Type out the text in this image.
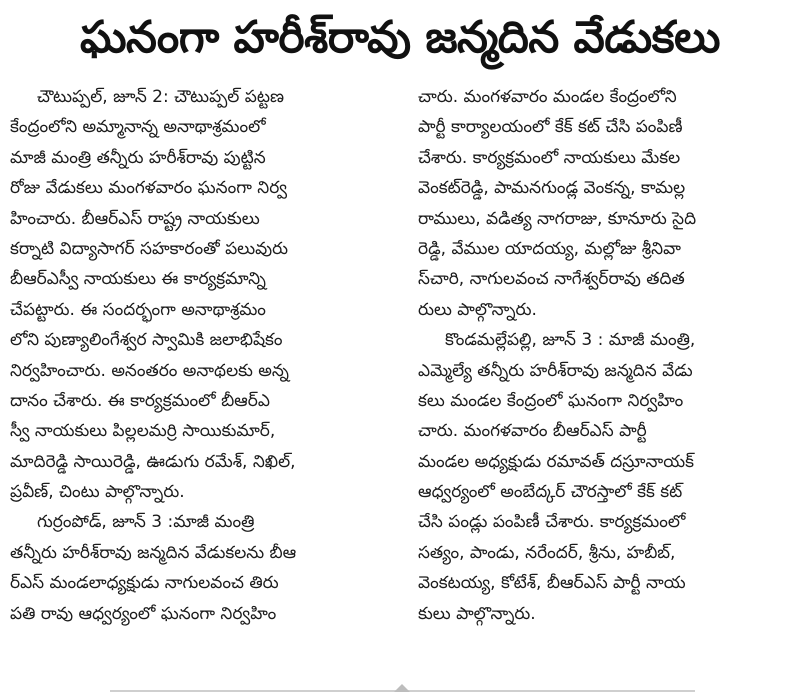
ఘనంగా హరీశ్‌రావు జన్మదిన వేడుకలు
చౌటుప్పల్, జూన్ 2: చౌటుప్పల్ పట్టణ
కేంద్రంలోని అమ్మానాన్న అనాథాశ్రమంలో
మాజీ మంత్రి తన్నీరు హరీశ్‌రావు పుట్టిన
రోజు వేడుకలు మంగళవారం ఘనంగా నిర్వ
హించారు. బీఆర్ఎస్ రాష్ట్ర నాయకులు
కర్నాటి విద్యాసాగర్ సహకారంతో పలువురు
బీఆర్ఎస్వీ నాయకులు ఈ కార్యక్రమాన్ని
చేపట్టారు. ఈ సందర్భంగా అనాథాశ్రమం
లోని పుణ్యాలింగేశ్వర స్వామికి జలాభిషేకం
నిర్వహించారు. అనంతరం అనాథలకు అన్న
దానం చేశారు. ఈ కార్యక్రమంలో బీఆర్ఎ
స్వీ నాయకులు పిల్లలమర్రి సాయికుమార్,
మాదిరెడ్డి సాయిరెడ్డి, ఊడుగు రమేశ్, నిఖిల్,
ప్రవీణ్, చింటు పాల్గొన్నారు.
గుర్రంపోడ్, జూన్ 3 :మాజీ మంత్రి
తన్నీరు హరీశ్‌రావు జన్మదిన వేడుకలను బీఆ
ర్ఎస్ మండలాధ్యక్షుడు నాగులవంచ తిరు
పతి రావు ఆధ్వర్యంలో ఘనంగా నిర్వహిం
చారు. మంగళవారం మండల కేంద్రంలోని
పార్టీ కార్యాలయంలో కేక్ కట్ చేసి పంపిణీ
చేశారు. కార్యక్రమంలో నాయకులు మేకల
వెంకట్‌రెడ్డి, పామనగుండ్ల వెంకన్న, కామల్ల
రాములు, వడిత్య నాగరాజు, కూనూరు సైది
రెడ్డి, వేముల యాదయ్య, మల్లోజు శ్రీనివా
స్‌చారి, నాగులవంచ నాగేశ్వర్‌రావు తదిత
రులు పాల్గొన్నారు.
కొండమల్లేపల్లి, జూన్ 3 : మాజీ మంత్రి,
ఎమ్మెల్యే తన్నీరు హరీశ్‌రావు జన్మదిన వేడు
కలు మండల కేంద్రంలో ఘనంగా నిర్వహిం
చారు. మంగళవారం బీఆర్ఎస్ పార్టీ
మండల అధ్యక్షుడు రమావత్ దస్రూనాయక్
ఆధ్వర్యంలో అంబేద్కర్ చౌరస్తాలో కేక్ కట్
చేసి పండ్లు పంపిణీ చేశారు. కార్యక్రమంలో
సత్యం, పాండు, నరేందర్, శ్రీను, హబీబ్,
వెంకటయ్య, కోటేశ్, బీఆర్ఎస్ పార్టీ నాయ
కులు పాల్గొన్నారు.
